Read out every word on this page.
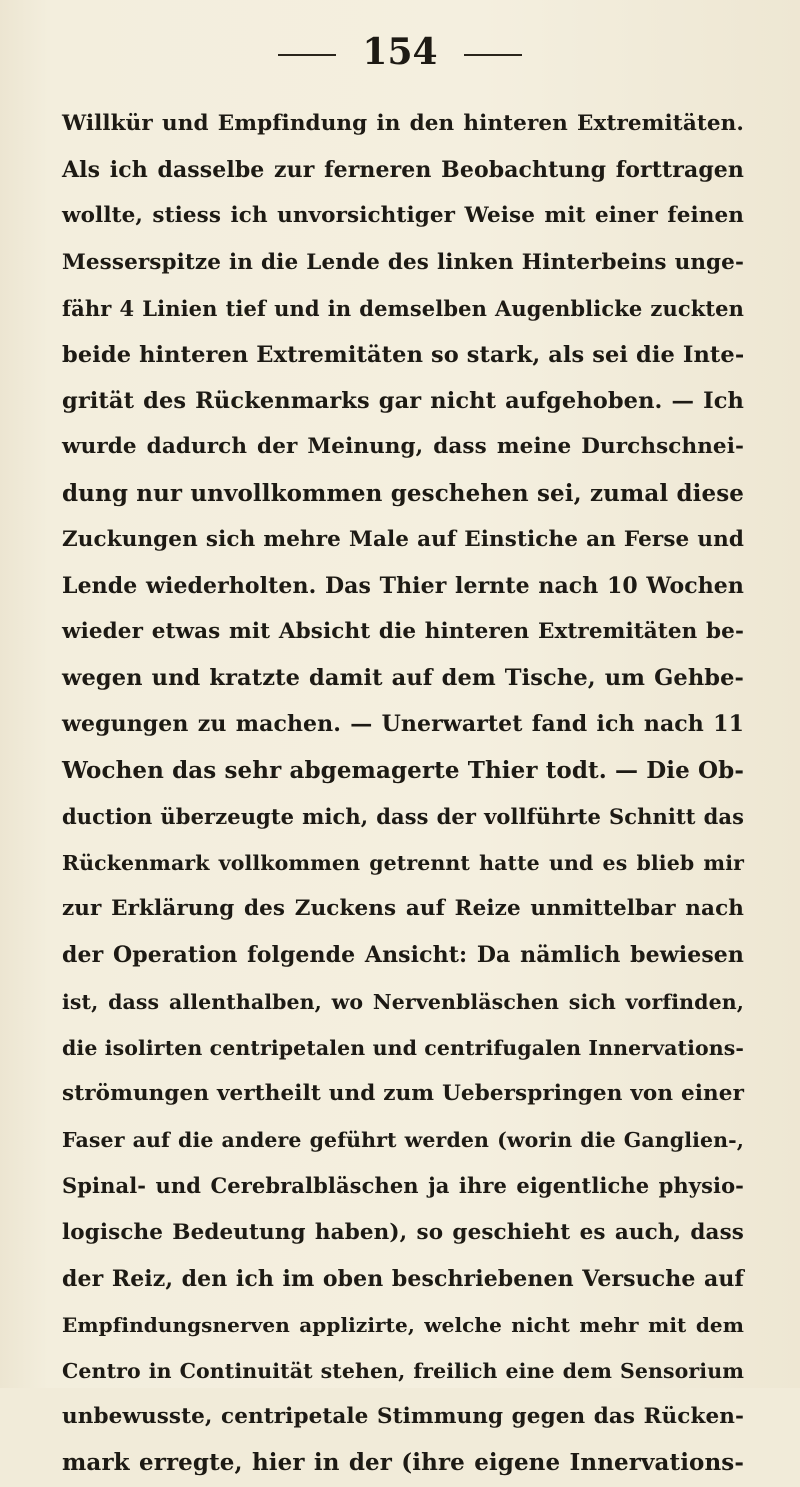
154
Willkür und Empfindung in den hinteren Extremitäten.
Als ich dasselbe zur ferneren Beobachtung forttragen
wollte, stiess ich unvorsichtiger Weise mit einer feinen
Messerspitze in die Lende des linken Hinterbeins unge-
fähr 4 Linien tief und in demselben Augenblicke zuckten
beide hinteren Extremitäten so stark, als sei die Inte-
grität des Rückenmarks gar nicht aufgehoben. — Ich
wurde dadurch der Meinung, dass meine Durchschnei-
dung nur unvollkommen geschehen sei, zumal diese
Zuckungen sich mehre Male auf Einstiche an Ferse und
Lende wiederholten. Das Thier lernte nach 10 Wochen
wieder etwas mit Absicht die hinteren Extremitäten be-
wegen und kratzte damit auf dem Tische, um Gehbe-
wegungen zu machen. — Unerwartet fand ich nach 11
Wochen das sehr abgemagerte Thier todt. — Die Ob-
duction überzeugte mich, dass der vollführte Schnitt das
Rückenmark vollkommen getrennt hatte und es blieb mir
zur Erklärung des Zuckens auf Reize unmittelbar nach
der Operation folgende Ansicht: Da nämlich bewiesen
ist, dass allenthalben, wo Nervenbläschen sich vorfinden,
die isolirten centripetalen und centrifugalen Innervations-
strömungen vertheilt und zum Ueberspringen von einer
Faser auf die andere geführt werden (worin die Ganglien-,
Spinal- und Cerebralbläschen ja ihre eigentliche physio-
logische Bedeutung haben), so geschieht es auch, dass
der Reiz, den ich im oben beschriebenen Versuche auf
Empfindungsnerven applizirte, welche nicht mehr mit dem
Centro in Continuität stehen, freilich eine dem Sensorium
unbewusste, centripetale Stimmung gegen das Rücken-
mark erregte, hier in der (ihre eigene Innervations-
